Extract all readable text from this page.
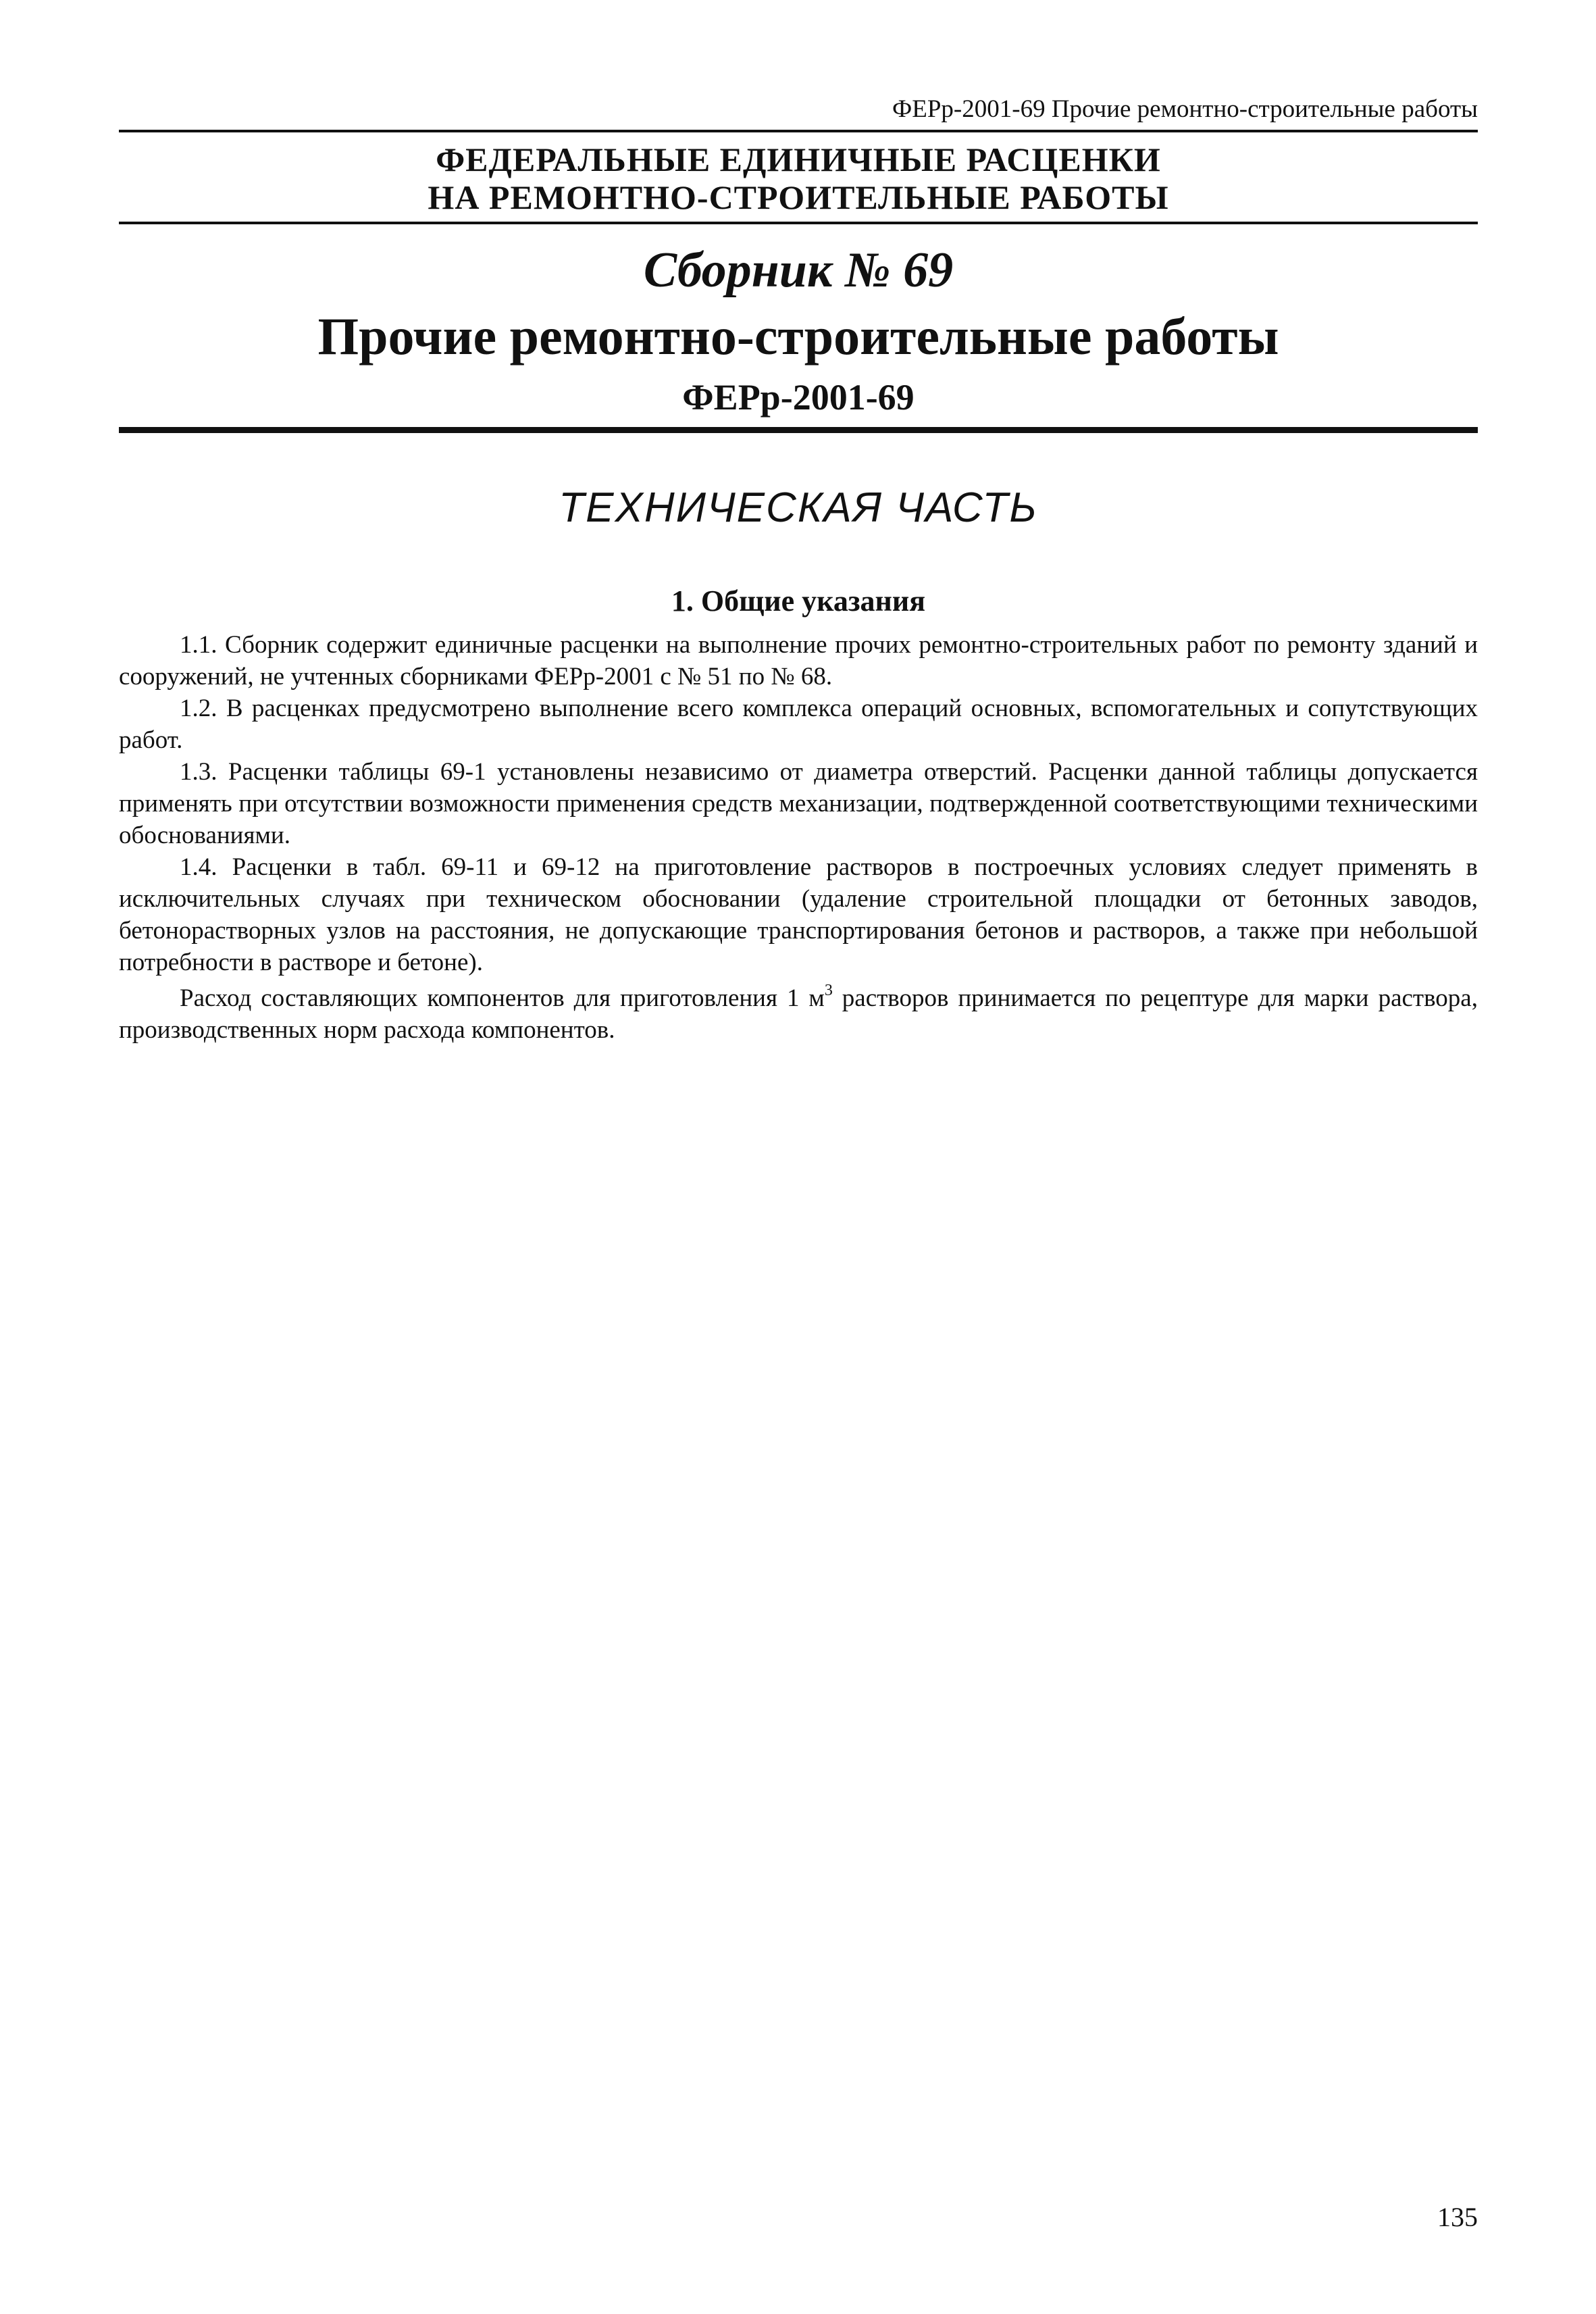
ФЕРр-2001-69 Прочие ремонтно-строительные работы
ФЕДЕРАЛЬНЫЕ ЕДИНИЧНЫЕ РАСЦЕНКИ
НА РЕМОНТНО-СТРОИТЕЛЬНЫЕ РАБОТЫ
Сборник № 69
Прочие ремонтно-строительные работы
ФЕРр-2001-69
ТЕХНИЧЕСКАЯ ЧАСТЬ
1. Общие указания

1.1. Сборник содержит единичные расценки на выполнение прочих ремонтно-строительных работ по ремонту зданий и сооружений, не учтенных сборниками ФЕРр-2001 с № 51 по № 68.

1.2. В расценках предусмотрено выполнение всего комплекса операций основных, вспомогательных и сопутствующих работ.

1.3. Расценки таблицы 69-1 установлены независимо от диаметра отверстий. Расценки данной таблицы допускается применять при отсутствии возможности применения средств механизации, подтвержденной соответствующими техническими обоснованиями.

1.4. Расценки в табл. 69-11 и 69-12 на приготовление растворов в построечных условиях следует применять в исключительных случаях при техническом обосновании (удаление строительной площадки от бетонных заводов, бетонорастворных узлов на расстояния, не допускающие транспортирования бетонов и растворов, а также при небольшой потребности в растворе и бетоне).

Расход составляющих компонентов для приготовления 1 $м^3$ растворов принимается по рецептуре для марки раствора, производственных норм расхода компонентов.

135
